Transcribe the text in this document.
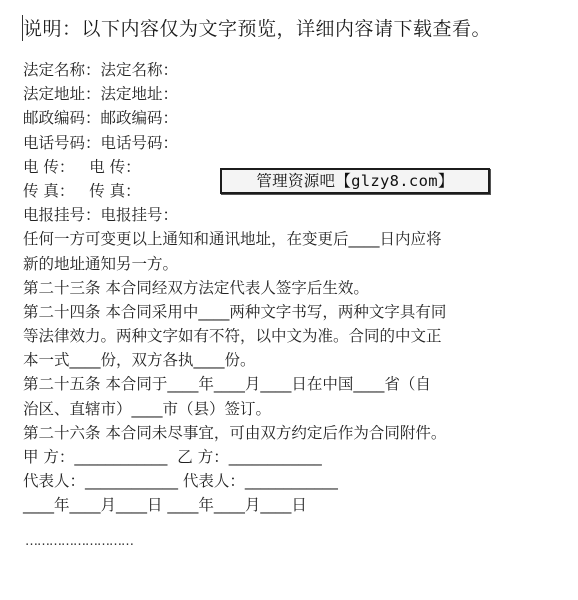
说明：以下内容仅为文字预览，详细内容请下载查看。
法定名称：法定名称：
法定地址：法定地址：
邮政编码：邮政编码：
电话号码：电话号码：
电 传：   电 传：
传 真：   传 真：
电报挂号：电报挂号：
任何一方可变更以上通知和通讯地址，在变更后____日内应将
新的地址通知另一方。
第二十三条 本合同经双方法定代表人签字后生效。
第二十四条 本合同采用中____两种文字书写，两种文字具有同
等法律效力。两种文字如有不符，以中文为准。合同的中文正
本一式____份，双方各执____份。
第二十五条 本合同于____年____月____日在中国____省（自
治区、直辖市）____市（县）签订。
第二十六条 本合同未尽事宜，可由双方约定后作为合同附件。
甲 方：____________  乙 方：____________
代表人：____________ 代表人：____________
____年____月____日 ____年____月____日
管理资源吧【glzy8.com】
………………………
